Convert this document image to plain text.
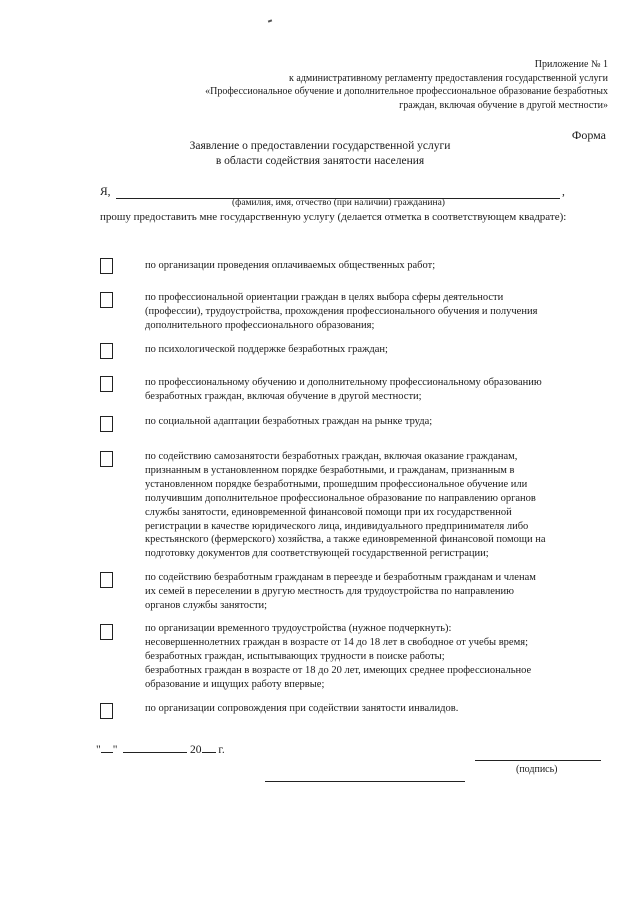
Приложение № 1
к административному регламенту предоставления государственной услуги
«Профессиональное обучение и дополнительное профессиональное образование безработных
граждан, включая обучение в другой местности»
Форма
Заявление о предоставлении государственной услуги
в области содействия занятости населения
Я,	,
(фамилия, имя, отчество (при наличии) гражданина)
прошу предоставить мне государственную услугу (делается отметка в соответствующем квадрате):
по организации проведения оплачиваемых общественных работ;
по профессиональной ориентации граждан в целях выбора сферы деятельности
(профессии), трудоустройства, прохождения профессионального обучения и получения
дополнительного профессионального образования;
по психологической поддержке безработных граждан;
по профессиональному обучению и дополнительному профессиональному образованию
безработных граждан, включая обучение в другой местности;
по социальной адаптации безработных граждан на рынке труда;
по содействию самозанятости безработных граждан, включая оказание гражданам,
признанным в установленном порядке безработными, и гражданам, признанным в
установленном порядке безработными, прошедшим профессиональное обучение или
получившим дополнительное профессиональное образование по направлению органов
службы занятости, единовременной финансовой помощи при их государственной
регистрации в качестве юридического лица, индивидуального предпринимателя либо
крестьянского (фермерского) хозяйства, а также единовременной финансовой помощи на
подготовку документов для соответствующей государственной регистрации;
по содействию безработным гражданам в переезде и безработным гражданам и членам
их семей в переселении в другую местность для трудоустройства по направлению
органов службы занятости;
по организации временного трудоустройства (нужное подчеркнуть):
несовершеннолетних граждан в возрасте от 14 до 18 лет в свободное от учебы время;
безработных граждан, испытывающих трудности в поиске работы;
безработных граждан в возрасте от 18 до 20 лет, имеющих среднее профессиональное
образование и ищущих работу впервые;
по организации сопровождения при содействии занятости инвалидов.
" "	20 г.
(подпись)
